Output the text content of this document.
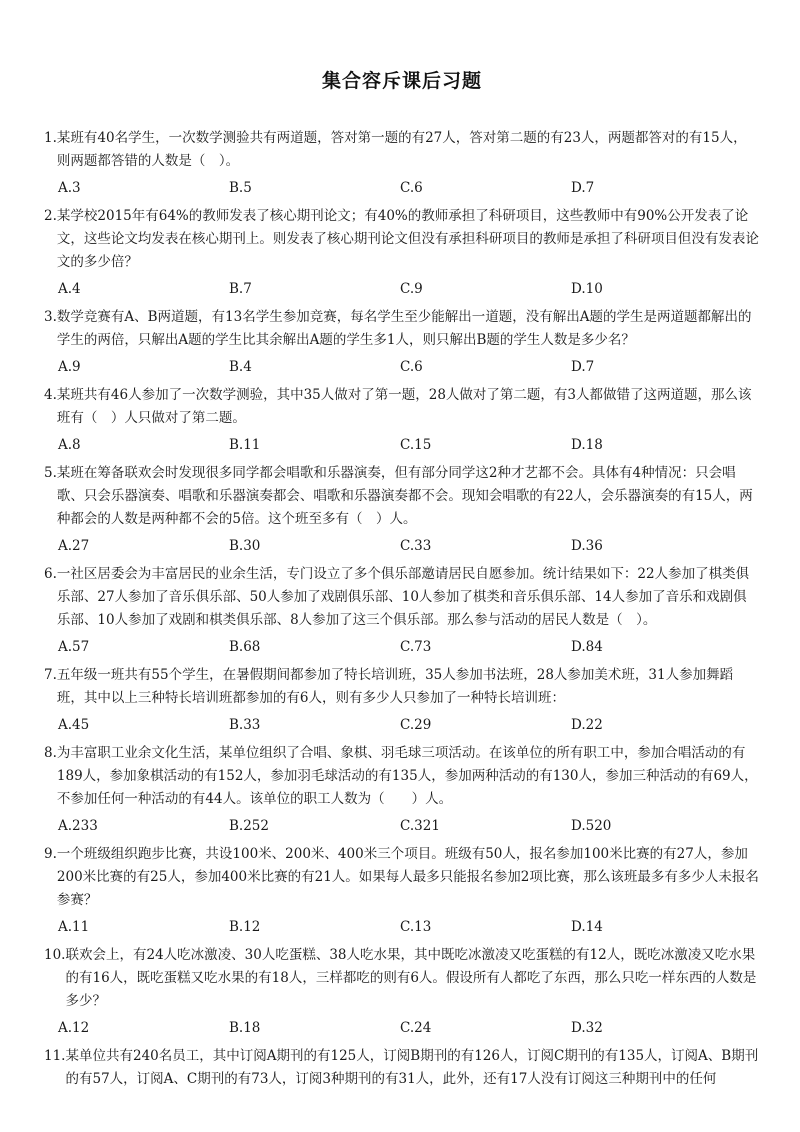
集合容斥课后习题
1. 某班有40名学生，一次数学测验共有两道题，答对第一题的有27人，答对第二题的有23人，两题都答对的有15人，则两题都答错的人数是（　）。
A.3	B.5	C.6	D.7
2. 某学校2015年有64%的教师发表了核心期刊论文；有40%的教师承担了科研项目，这些教师中有90%公开发表了论文，这些论文均发表在核心期刊上。则发表了核心期刊论文但没有承担科研项目的教师是承担了科研项目但没有发表论文的多少倍？
A.4	B.7	C.9	D.10
3. 数学竞赛有A、B两道题，有13名学生参加竞赛，每名学生至少能解出一道题，没有解出A题的学生是两道题都解出的学生的两倍，只解出A题的学生比其余解出A题的学生多1人，则只解出B题的学生人数是多少名？
A.9	B.4	C.6	D.7
4. 某班共有46人参加了一次数学测验，其中35人做对了第一题，28人做对了第二题，有3人都做错了这两道题，那么该班有（　）人只做对了第二题。
A.8	B.11	C.15	D.18
5. 某班在筹备联欢会时发现很多同学都会唱歌和乐器演奏，但有部分同学这2种才艺都不会。具体有4种情况：只会唱歌、只会乐器演奏、唱歌和乐器演奏都会、唱歌和乐器演奏都不会。现知会唱歌的有22人，会乐器演奏的有15人，两种都会的人数是两种都不会的5倍。这个班至多有（　）人。
A.27	B.30	C.33	D.36
6. 一社区居委会为丰富居民的业余生活，专门设立了多个俱乐部邀请居民自愿参加。统计结果如下：22人参加了棋类俱乐部、27人参加了音乐俱乐部、50人参加了戏剧俱乐部、10人参加了棋类和音乐俱乐部、14人参加了音乐和戏剧俱乐部、10人参加了戏剧和棋类俱乐部、8人参加了这三个俱乐部。那么参与活动的居民人数是（　）。
A.57	B.68	C.73	D.84
7. 五年级一班共有55个学生，在暑假期间都参加了特长培训班，35人参加书法班，28人参加美术班，31人参加舞蹈班，其中以上三种特长培训班都参加的有6人，则有多少人只参加了一种特长培训班：
A.45	B.33	C.29	D.22
8. 为丰富职工业余文化生活，某单位组织了合唱、象棋、羽毛球三项活动。在该单位的所有职工中，参加合唱活动的有189人，参加象棋活动的有152人，参加羽毛球活动的有135人，参加两种活动的有130人，参加三种活动的有69人，不参加任何一种活动的有44人。该单位的职工人数为（　　）人。
A.233	B.252	C.321	D.520
9. 一个班级组织跑步比赛，共设100米、200米、400米三个项目。班级有50人，报名参加100米比赛的有27人，参加200米比赛的有25人，参加400米比赛的有21人。如果每人最多只能报名参加2项比赛，那么该班最多有多少人未报名参赛？
A.11	B.12	C.13	D.14
10. 联欢会上，有24人吃冰激凌、30人吃蛋糕、38人吃水果，其中既吃冰激凌又吃蛋糕的有12人，既吃冰激凌又吃水果的有16人，既吃蛋糕又吃水果的有18人，三样都吃的则有6人。假设所有人都吃了东西，那么只吃一样东西的人数是多少？
A.12	B.18	C.24	D.32
11. 某单位共有240名员工，其中订阅A期刊的有125人，订阅B期刊的有126人，订阅C期刊的有135人，订阅A、B期刊的有57人，订阅A、C期刊的有73人，订阅3种期刊的有31人，此外，还有17人没有订阅这三种期刊中的任何
